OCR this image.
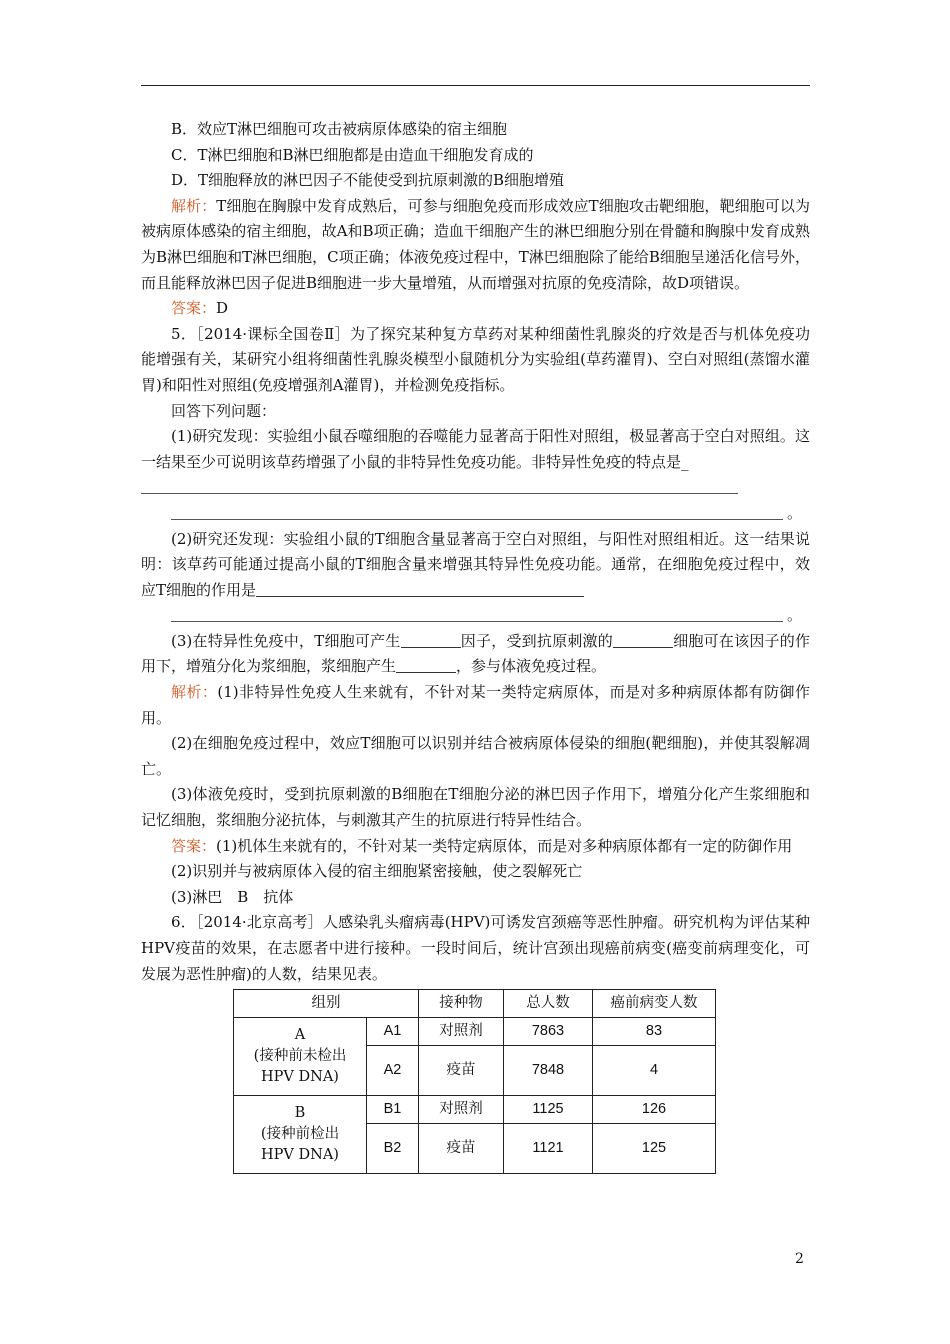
B．效应T淋巴细胞可攻击被病原体感染的宿主细胞

C．T淋巴细胞和B淋巴细胞都是由造血干细胞发育成的

D．T细胞释放的淋巴因子不能使受到抗原刺激的B细胞增殖

解析：T细胞在胸腺中发育成熟后，可参与细胞免疫而形成效应T细胞攻击靶细胞，靶细胞可以为被病原体感染的宿主细胞，故A和B项正确；造血干细胞产生的淋巴细胞分别在骨髓和胸腺中发育成熟为B淋巴细胞和T淋巴细胞，C项正确；体液免疫过程中，T淋巴细胞除了能给B细胞呈递活化信号外，而且能释放淋巴因子促进B细胞进一步大量增殖，从而增强对抗原的免疫清除，故D项错误。

答案：D

5．［2014·课标全国卷Ⅱ］为了探究某种复方草药对某种细菌性乳腺炎的疗效是否与机体免疫功能增强有关，某研究小组将细菌性乳腺炎模型小鼠随机分为实验组(草药灌胃)、空白对照组(蒸馏水灌胃)和阳性对照组(免疫增强剂A灌胃)，并检测免疫指标。

回答下列问题：

(1)研究发现：实验组小鼠吞噬细胞的吞噬能力显著高于阳性对照组，极显著高于空白对照组。这一结果至少可说明该草药增强了小鼠的非特异性免疫功能。非特异性免疫的特点是_

。

(2)研究还发现：实验组小鼠的T细胞含量显著高于空白对照组，与阳性对照组相近。这一结果说明：该草药可能通过提高小鼠的T细胞含量来增强其特异性免疫功能。通常，在细胞免疫过程中，效应T细胞的作用是

。

(3)在特异性免疫中，T细胞可产生	因子，受到抗原刺激的	细胞可在该因子的作用下，增殖分化为浆细胞，浆细胞产生	，参与体液免疫过程。

解析：(1)非特异性免疫人生来就有，不针对某一类特定病原体，而是对多种病原体都有防御作用。

(2)在细胞免疫过程中，效应T细胞可以识别并结合被病原体侵染的细胞(靶细胞)，并使其裂解凋亡。

(3)体液免疫时，受到抗原刺激的B细胞在T细胞分泌的淋巴因子作用下，增殖分化产生浆细胞和记忆细胞，浆细胞分泌抗体，与刺激其产生的抗原进行特异性结合。

答案：(1)机体生来就有的，不针对某一类特定病原体，而是对多种病原体都有一定的防御作用

(2)识别并与被病原体入侵的宿主细胞紧密接触，使之裂解死亡

(3)淋巴　B　抗体

6．［2014·北京高考］人感染乳头瘤病毒(HPV)可诱发宫颈癌等恶性肿瘤。研究机构为评估某种HPV疫苗的效果，在志愿者中进行接种。一段时间后，统计宫颈出现癌前病变(癌变前病理变化，可发展为恶性肿瘤)的人数，结果见表。

组别		接种物	总人数	癌前病变人数

A
(接种前未检出
HPV DNA)	A1	对照剂	7863	83
	A2	疫苗	7848	4

B
(接种前检出
HPV DNA)	B1	对照剂	1125	126
	B2	疫苗	1121	125
2
